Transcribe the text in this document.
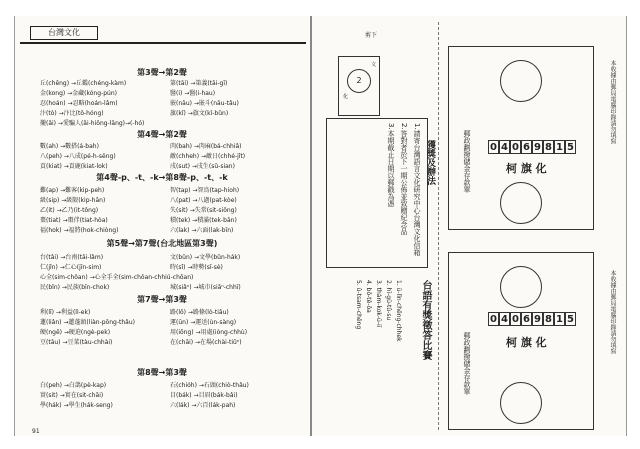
台灣文化
第3聲→第2聲
丘(chêng) →丘鑑(chéng-kàm)	第(tāi) →第義(tāi-gī)
金(kong) →金藏(kóng-pún)	醫(i) →醫(i-hau)
忍(hoán) →忍略(hoán-lâm)	嵌(nāu) →嵌斗(nāu-tâu)
汴(tò) →汴比(tō-hóng)	旗(kǐ) →旗文(kǐ-bûn)
攏(ǎi) →愛騙人(ǎi-hiông-lāng)→(-hó)
第4聲→第2聲
數(ah) →數搭(á-bah)	肉(bah) →肉麻(bá-chhiâ)
八(peh) →八成(pé-h-sêng)	敵(chheh) →敵日(chhé-jît)
貢(kiat) →貢鹿(kiat-lok)	戌(sut) →戌生(sǔ-sian)
第4聲-p、-t、-k→第8聲-p、-t、-k
難(ap) →難客(kip-peh)	智(tap) →智鳥(tap-hioh)
級(sip) →級限(kip-hān)	八(pat) →八過(pat-kòe)
乙(it) →乙乃(it-tông)	失(sit) →失常(sit-siông)
棗(tiat) →棗伴(tiat-hòa)	積(tek) →積滿(tek-bān)
福(hok) →福將(hok-chiòng)	六(lak) →六面(lak-bīn)
第5聲→第7聲(台北地區第3聲)
台(tâi) →台南(tāi-lâm)	文(bûn) →文學(bûn-hák)
仁(jîn) →仁心(jīn-sim)	時(sî) →時勢(sī-sè)
心全(sim-chôan) →心全手全(sim-chôan-chhiú-chôan)
民(bîn) →民族(bīn-chok)	城(siâⁿ) →城市(siāⁿ-chhī)
第7聲→第3聲
利(lī) →利益(lì-ek)	路(lō) →路條(lò-tiâu)
蓮(liân) →蓮蓬頭(liàn-pōng-thâu)	運(ūn) →運送(ùn-sàng)
硬(ngē) →硬迫(ngè-pek)	用(iōng) →用處(iòng-chhù)
豆(tāu) →豆菜(tàu-chhài)	在(chāi) →在場(chài-tiûⁿ)
第8聲→第3聲
白(peh) →白鴿(pè-kap)	石(chióh) →石頭(chiò-thâu)
實(sit) →實在(sit-chāi)	目(bák) →目眉(bák-bâi)
學(hák) →學生(hák-seng)	六(lák) →六百(lák-pah)
91
剪下
2
文
化
1.請寄台灣語言文化研究中心台灣文化信箱
2.答對者於下一期公佈並致贈紀念品
3.本期截止日期以郵戳為憑	獲獎及辦法
台語有獎徵答比賽
1. ū-lîn-chēng-chhek
2. hī-gū-tû-su
3. thàm-kok-ū-iī
4. bō-tê-ǒa
5. û-tsam-chêng
郵政劃撥儲金存款單 0 4 0 6 9 8 1 5
柯 旗 化
郵政劃撥儲金存款單
0 4 0 6 9 8 1 5
柯 旗 化
本收據由郵局電腦印錄請勿填寫
本收據由郵局電腦印錄請勿填寫
